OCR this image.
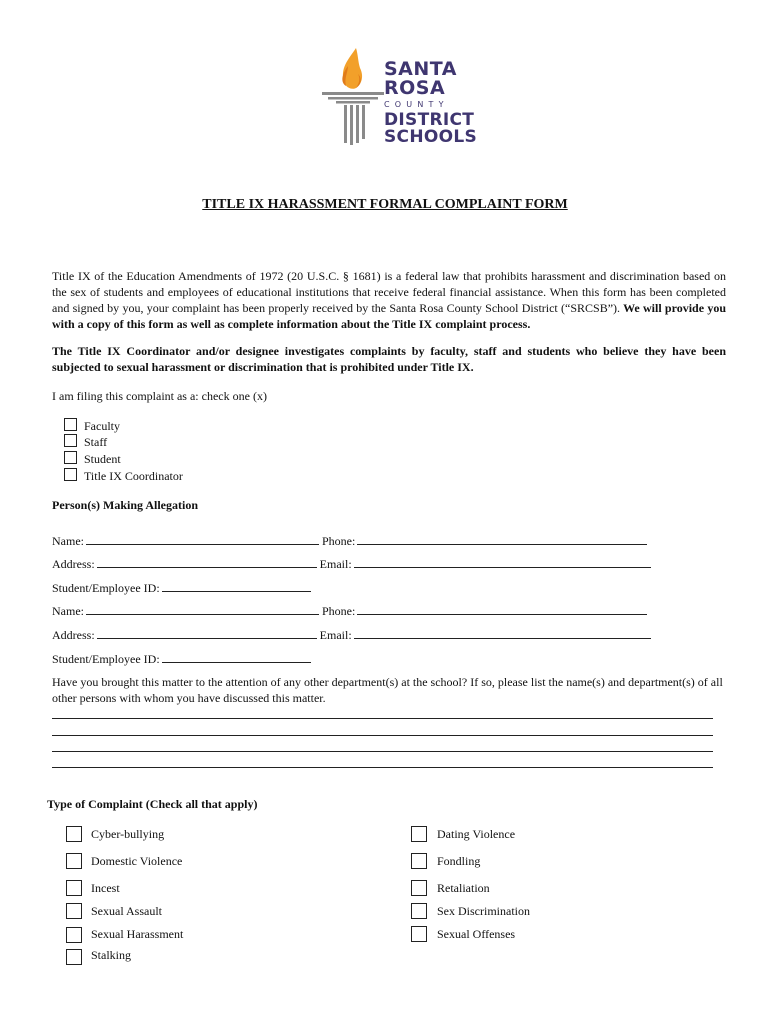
SANTA ROSA
COUNTY
DISTRICT
SCHOOLS
TITLE IX HARASSMENT FORMAL COMPLAINT FORM
Title IX of the Education Amendments of 1972 (20 U.S.C. § 1681) is a federal law that prohibits harassment and discrimination based on the sex of students and employees of educational institutions that receive federal financial assistance. When this form has been completed and signed by you, your complaint has been properly received by the Santa Rosa County School District (“SRCSB”). We will provide you with a copy of this form as well as complete information about the Title IX complaint process.
The Title IX Coordinator and/or designee investigates complaints by faculty, staff and students who believe they have been subjected to sexual harassment or discrimination that is prohibited under Title IX.
I am filing this complaint as a: check one (x)
Faculty
Staff
Student
Title IX Coordinator
Person(s) Making Allegation
Name:	Phone:
Address:	Email:
Student/Employee ID:
Name:	Phone:
Address:	Email:
Student/Employee ID:
Have you brought this matter to the attention of any other department(s) at the school? If so, please list the name(s) and department(s) of all other persons with whom you have discussed this matter.
Type of Complaint (Check all that apply)
Cyber-bullying
Domestic Violence
Incest
Sexual Assault
Sexual Harassment
Stalking
Dating Violence
Fondling
Retaliation
Sex Discrimination
Sexual Offenses
